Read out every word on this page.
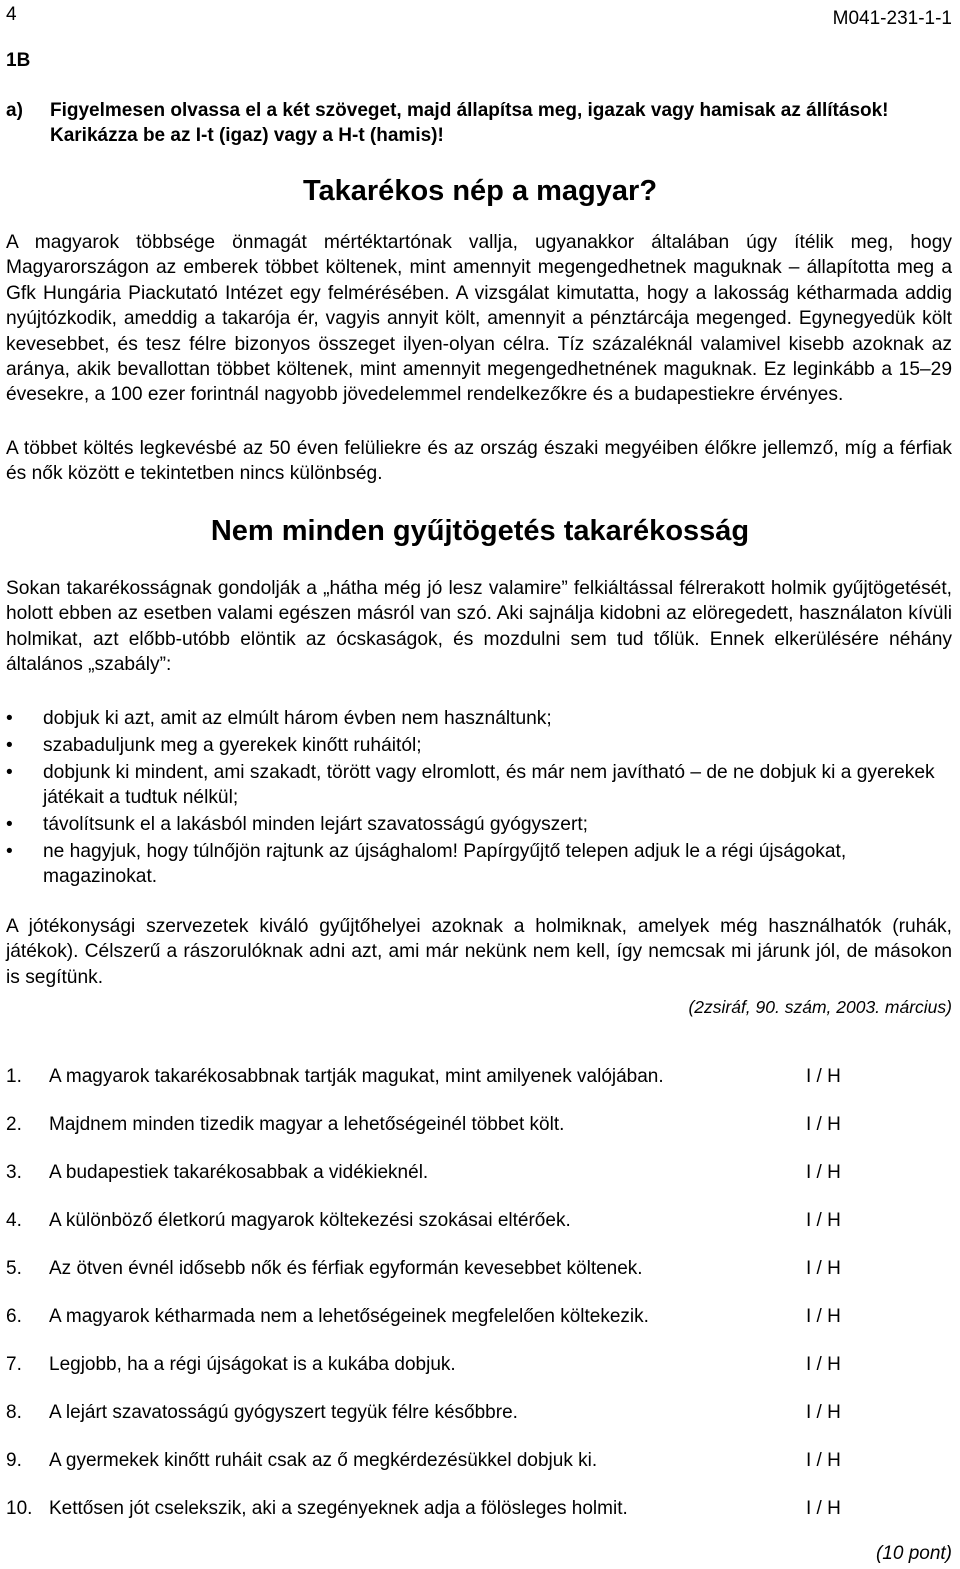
4	M041-231-1-1
1B
a) Figyelmesen olvassa el a két szöveget, majd állapítsa meg, igazak vagy hamisak az állítások! Karikázza be az I-t (igaz) vagy a H-t (hamis)!
Takarékos nép a magyar?

A magyarok többsége önmagát mértéktartónak vallja, ugyanakkor általában úgy ítélik meg, hogy Magyarországon az emberek többet költenek, mint amennyit megengedhetnek maguknak – állapította meg a Gfk Hungária Piackutató Intézet egy felmérésében. A vizsgálat kimutatta, hogy a lakosság kétharmada addig nyújtózkodik, ameddig a takarója ér, vagyis annyit költ, amennyit a pénztárcája megenged. Egynegyedük költ kevesebbet, és tesz félre bizonyos összeget ilyen-olyan célra. Tíz százaléknál valamivel kisebb azoknak az aránya, akik bevallottan többet költenek, mint amennyit megengedhetnének maguknak. Ez leginkább a 15–29 évesekre, a 100 ezer forintnál nagyobb jövedelemmel rendelkezőkre és a budapestiekre érvényes.

A többet költés legkevésbé az 50 éven felüliekre és az ország északi megyéiben élőkre jellemző, míg a férfiak és nők között e tekintetben nincs különbség.

Nem minden gyűjtögetés takarékosság

Sokan takarékosságnak gondolják a „hátha még jó lesz valamire” felkiáltással félrerakott holmik gyűjtögetését, holott ebben az esetben valami egészen másról van szó. Aki sajnálja kidobni az elöregedett, használaton kívüli holmikat, azt előbb-utóbb elöntik az ócskaságok, és mozdulni sem tud tőlük. Ennek elkerülésére néhány általános „szabály”:

• dobjuk ki azt, amit az elmúlt három évben nem használtunk;
• szabaduljunk meg a gyerekek kinőtt ruháitól;
• dobjunk ki mindent, ami szakadt, törött vagy elromlott, és már nem javítható – de ne dobjuk ki a gyerekek játékait a tudtuk nélkül;
• távolítsunk el a lakásból minden lejárt szavatosságú gyógyszert;
• ne hagyjuk, hogy túlnőjön rajtunk az újsághalom! Papírgyűjtő telepen adjuk le a régi újságokat, magazinokat.

A jótékonysági szervezetek kiváló gyűjtőhelyei azoknak a holmiknak, amelyek még használhatók (ruhák, játékok). Célszerű a rászorulóknak adni azt, ami már nekünk nem kell, így nemcsak mi járunk jól, de másokon is segítünk.

(2zsiráf, 90. szám, 2003. március)
1. A magyarok takarékosabbnak tartják magukat, mint amilyenek valójában.	I / H
2. Majdnem minden tizedik magyar a lehetőségeinél többet költ.	I / H
3. A budapestiek takarékosabbak a vidékieknél.	I / H
4. A különböző életkorú magyarok költekezési szokásai eltérőek.	I / H
5. Az ötven évnél idősebb nők és férfiak egyformán kevesebbet költenek.	I / H
6. A magyarok kétharmada nem a lehetőségeinek megfelelően költekezik.	I / H
7. Legjobb, ha a régi újságokat is a kukába dobjuk.	I / H
8. A lejárt szavatosságú gyógyszert tegyük félre későbbre.	I / H
9. A gyermekek kinőtt ruháit csak az ő megkérdezésükkel dobjuk ki.	I / H
10. Kettősen jót cselekszik, aki a szegényeknek adja a fölösleges holmit.	I / H
(10 pont)
